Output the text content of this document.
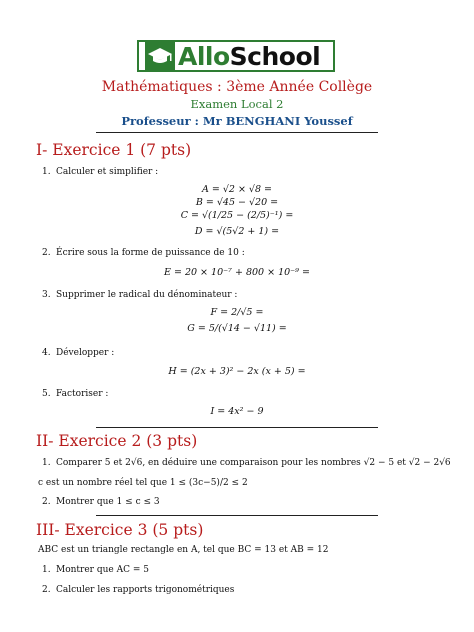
AlloSchool
Mathématiques : 3ème Année Collège
Examen Local 2
Professeur : Mr BENGHANI Youssef
I- Exercice 1 (7 pts)
1. Calculer et simplifier :
A = √2 × √8 =
B = √45 − √20 =
C = √(1/25 − (2/5)⁻¹) =
D = √(5√2 + 1) =
2. Écrire sous la forme de puissance de 10 :
E = 20 × 10⁻⁷ + 800 × 10⁻⁹ =
3. Supprimer le radical du dénominateur :
F = 2/√5 =
G = 5/(√14 − √11) =
4. Développer :
H = (2x + 3)² − 2x (x + 5) =
5. Factoriser :
I = 4x² − 9
II- Exercice 2 (3 pts)
1. Comparer 5 et 2√6, en déduire une comparaison pour les nombres √2 − 5 et √2 − 2√6
c est un nombre réel tel que 1 ≤ (3c−5)/2 ≤ 2
2. Montrer que 1 ≤ c ≤ 3
III- Exercice 3 (5 pts)
ABC est un triangle rectangle en A, tel que BC = 13 et AB = 12
1. Montrer que AC = 5
2. Calculer les rapports trigonométriques
